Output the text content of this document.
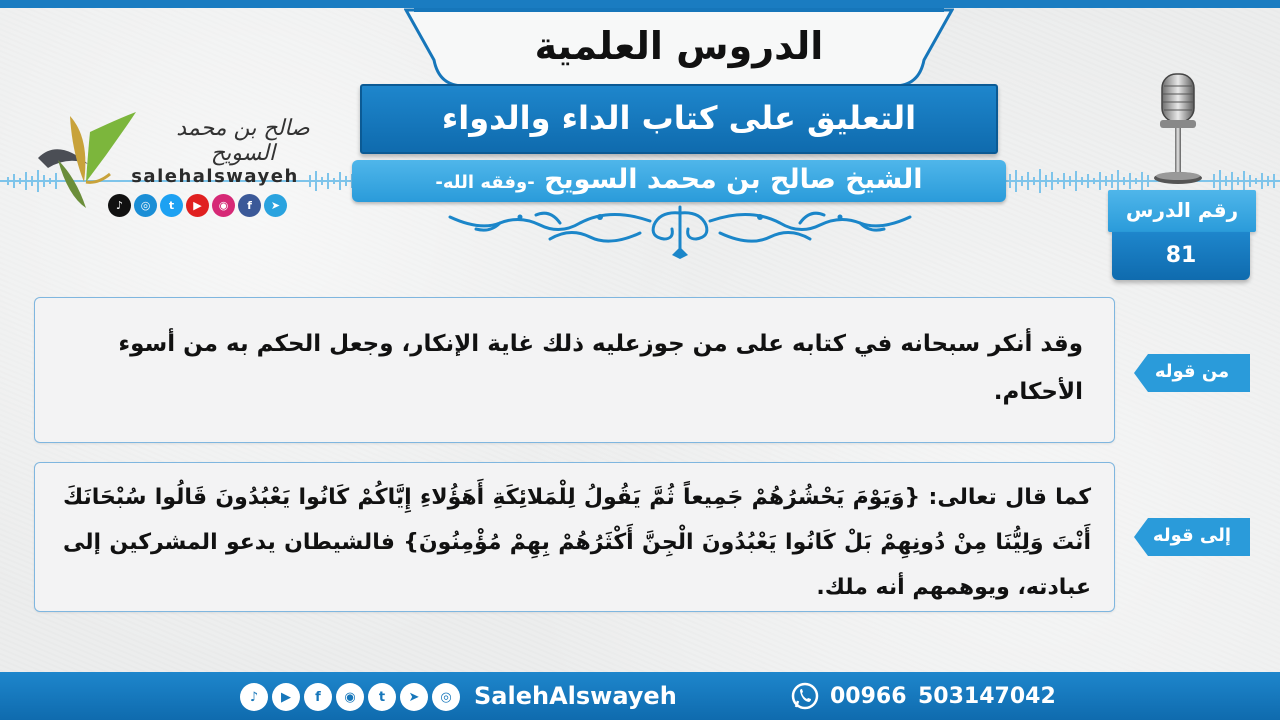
الدروس العلمية
التعليق على كتاب الداء والدواء
الشيخ صالح بن محمد السويح -وفقه الله-
صالح بن محمد السويح
salehalswayeh
♪	◎	t	▶	◉	f	➤	رقم الدرس
81
وقد أنكر سبحانه في كتابه على من جوزعليه ذلك غاية الإنكار، وجعل الحكم به من أسوء الأحكام.
كما قال تعالى: {وَيَوْمَ يَحْشُرُهُمْ جَمِيعاً ثُمَّ يَقُولُ لِلْمَلائِكَةِ أَهَؤُلاءِ إِيَّاكُمْ كَانُوا يَعْبُدُونَ قَالُوا سُبْحَانَكَ أَنْتَ وَلِيُّنَا مِنْ دُونِهِمْ بَلْ كَانُوا يَعْبُدُونَ الْجِنَّ أَكْثَرُهُمْ بِهِمْ مُؤْمِنُونَ} فالشيطان يدعو المشركين إلى عبادته، ويوهمهم أنه ملك.
من قوله
إلى قوله
♪	▶	f	◉	t	➤	◎ SalehAlswayeh	00966 503147042
